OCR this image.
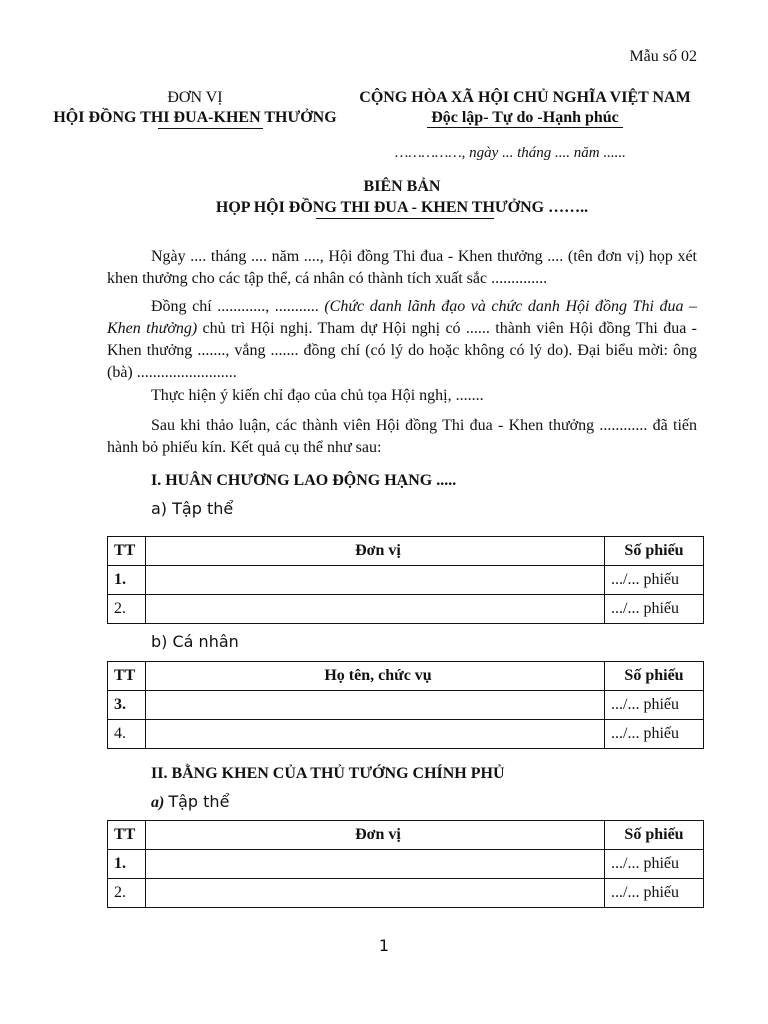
Mẫu số 02
ĐƠN VỊ
HỘI ĐỒNG THI ĐUA-KHEN THƯỞNG
CỘNG HÒA XÃ HỘI CHỦ NGHĨA VIỆT NAM
Độc lập- Tự do -Hạnh phúc
……………, ngày ... tháng .... năm ......
BIÊN BẢN
HỌP HỘI ĐỒNG THI ĐUA - KHEN THƯỞNG ……..
Ngày .... tháng .... năm ...., Hội đồng Thi đua - Khen thưởng .... (tên đơn vị) họp xét khen thưởng cho các tập thể, cá nhân có thành tích xuất sắc ..............
Đồng chí ............, ........... (Chức danh lãnh đạo và chức danh Hội đồng Thi đua – Khen thưởng) chủ trì Hội nghị. Tham dự Hội nghị có ...... thành viên Hội đồng Thi đua - Khen thưởng ......., vắng ....... đồng chí (có lý do hoặc không có lý do). Đại biểu mời: ông (bà) .........................
Thực hiện ý kiến chỉ đạo của chủ tọa Hội nghị, .......
Sau khi thảo luận, các thành viên Hội đồng Thi đua - Khen thưởng ............ đã tiến hành bỏ phiếu kín. Kết quả cụ thể như sau:
I. HUÂN CHƯƠNG LAO ĐỘNG HẠNG .....
a) Tập thể
TT	Đơn vị	Số phiếu
1.		.../... phiếu
2.		.../... phiếu
b) Cá nhân
TT	Họ tên, chức vụ	Số phiếu
3.		.../... phiếu
4.		.../... phiếu
II. BẰNG KHEN CỦA THỦ TƯỚNG CHÍNH PHỦ
a) Tập thể
TT	Đơn vị	Số phiếu
1.		.../... phiếu
2.		.../... phiếu
1
